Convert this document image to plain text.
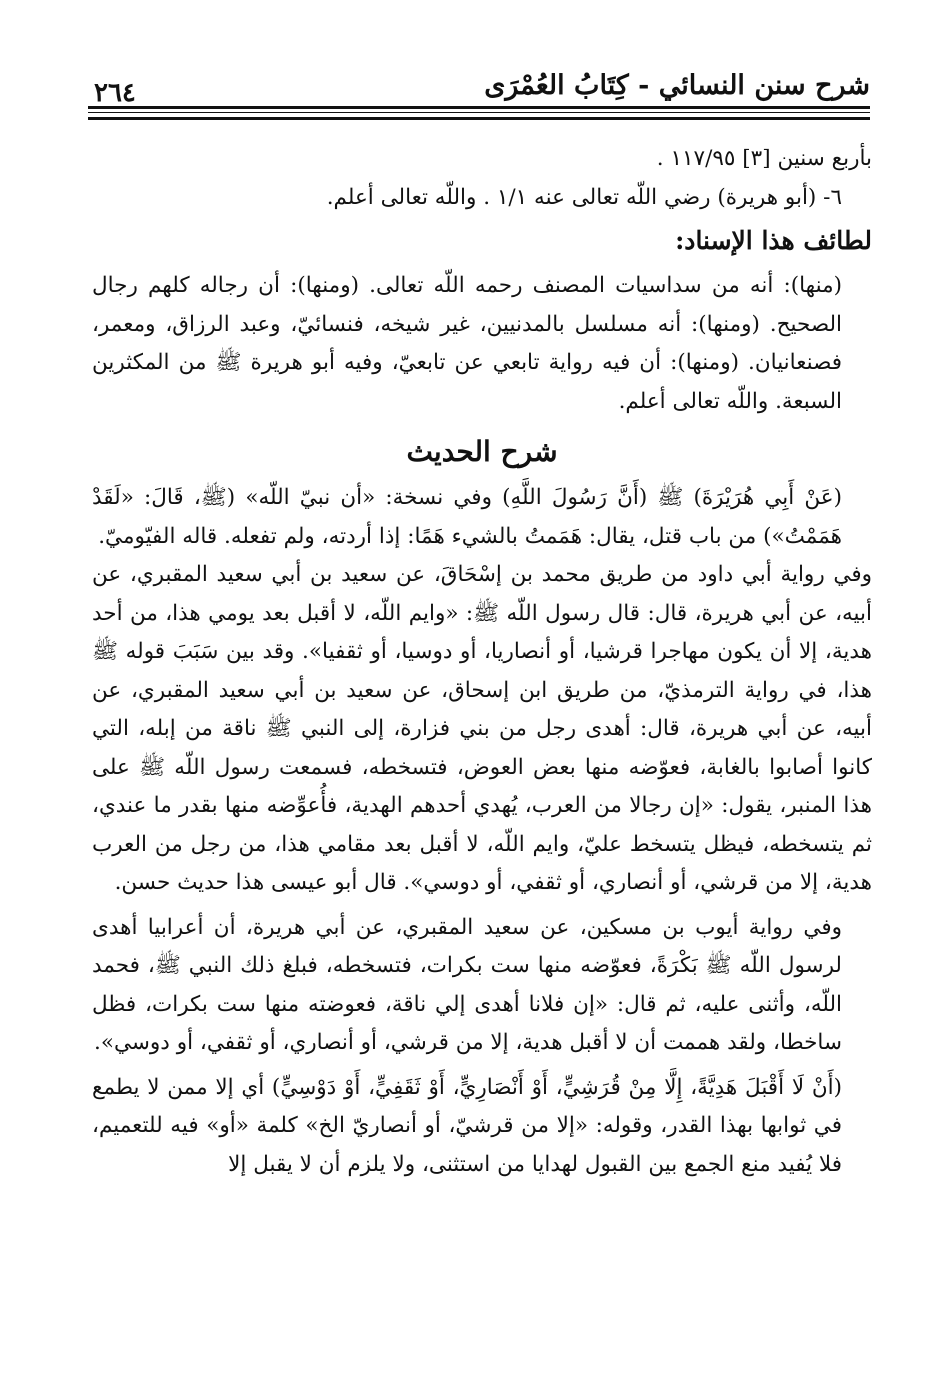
شرح سنن النسائي - كِتَابُ العُمْرَى
٢٦٤

بأربع سنين [٣] ١١٧/٩٥ .

٦- (أبو هريرة) رضي اللّه تعالى عنه ١/١ . واللّه تعالى أعلم.

لطائف هذا الإسناد:

(منها): أنه من سداسيات المصنف رحمه اللّه تعالى. (ومنها): أن رجاله كلهم رجال الصحيح. (ومنها): أنه مسلسل بالمدنيين، غير شيخه، فنسائيّ، وعبد الرزاق، ومعمر، فصنعانيان. (ومنها): أن فيه رواية تابعي عن تابعيّ، وفيه أبو هريرة ﷺ من المكثرين السبعة. واللّه تعالى أعلم.

شرح الحديث

(عَنْ أَبِي هُرَيْرَةَ) ﷺ (أَنَّ رَسُولَ اللَّهِ) وفي نسخة: «أن نبيّ اللّه» (ﷺ، قَالَ: «لَقَدْ هَمَمْتُ») من باب قتل، يقال: هَمَمتُ بالشيء هَمًا: إذا أردته، ولم تفعله. قاله الفيّوميّ.

وفي رواية أبي داود من طريق محمد بن إسْحَاقَ، عن سعيد بن أبي سعيد المقبري، عن أبيه، عن أبي هريرة، قال: قال رسول اللّه ﷺ: «وايم اللّه، لا أقبل بعد يومي هذا، من أحد هدية، إلا أن يكون مهاجرا قرشيا، أو أنصاريا، أو دوسيا، أو ثقفيا». وقد بين سَبَبَ قوله ﷺ هذا، في رواية الترمذيّ، من طريق ابن إسحاق، عن سعيد بن أبي سعيد المقبري، عن أبيه، عن أبي هريرة، قال: أهدى رجل من بني فزارة، إلى النبي ﷺ ناقة من إبله، التي كانوا أصابوا بالغابة، فعوّضه منها بعض العوض، فتسخطه، فسمعت رسول اللّه ﷺ على هذا المنبر، يقول: «إن رجالا من العرب، يُهدي أحدهم الهدية، فأُعوِّضه منها بقدر ما عندي، ثم يتسخطه، فيظل يتسخط عليّ، وايم اللّه، لا أقبل بعد مقامي هذا، من رجل من العرب هدية، إلا من قرشي، أو أنصاري، أو ثقفي، أو دوسي». قال أبو عيسى هذا حديث حسن.

وفي رواية أيوب بن مسكين، عن سعيد المقبري، عن أبي هريرة، أن أعرابيا أهدى لرسول اللّه ﷺ بَكْرَةً، فعوّضه منها ست بكرات، فتسخطه، فبلغ ذلك النبي ﷺ، فحمد اللّه، وأثنى عليه، ثم قال: «إن فلانا أهدى إلي ناقة، فعوضته منها ست بكرات، فظل ساخطا، ولقد هممت أن لا أقبل هدية، إلا من قرشي، أو أنصاري، أو ثقفي، أو دوسي».

(أَنْ لَا أَقْبَلَ هَدِيَّةً، إِلَّا مِنْ قُرَشِيٍّ، أَوْ أَنْصَارِيٍّ، أَوْ ثَقَفِيٍّ، أَوْ دَوْسِيٍّ) أي إلا ممن لا يطمع في ثوابها بهذا القدر، وقوله: «إلا من قرشيّ، أو أنصاريّ الخ» كلمة «أو» فيه للتعميم، فلا يُفيد منع الجمع بين القبول لهدايا من استثنى، ولا يلزم أن لا يقبل إلا
